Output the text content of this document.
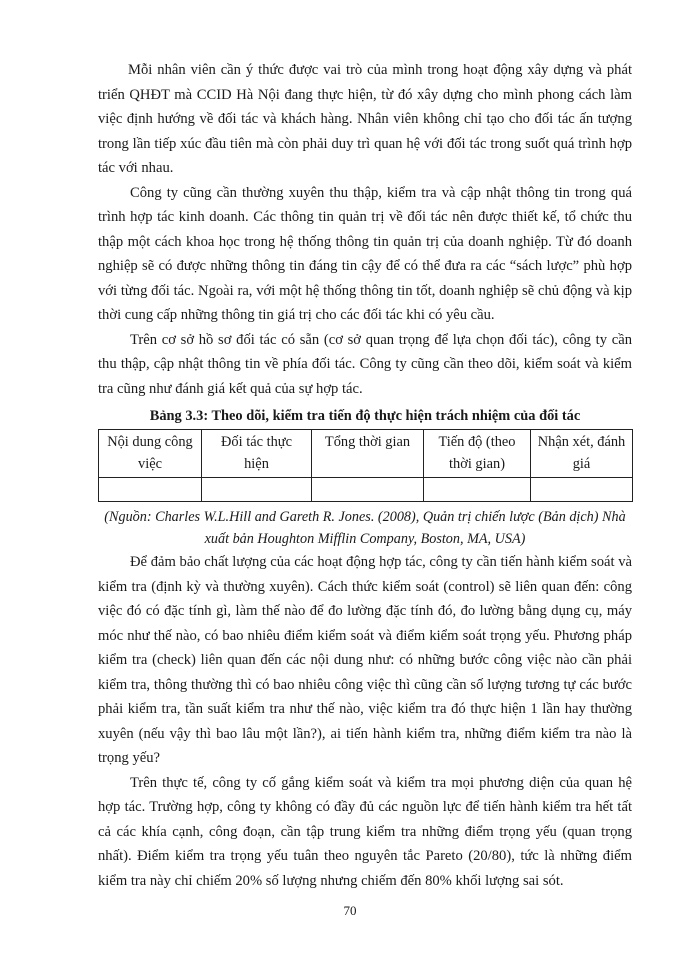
Mỗi nhân viên cần ý thức được vai trò của mình trong hoạt động xây dựng và phát triển QHĐT mà CCID Hà Nội đang thực hiện, từ đó xây dựng cho mình phong cách làm việc định hướng về đối tác và khách hàng. Nhân viên không chỉ tạo cho đối tác ấn tượng trong lần tiếp xúc đầu tiên mà còn phải duy trì quan hệ với đối tác trong suốt quá trình hợp tác với nhau.

Công ty cũng cần thường xuyên thu thập, kiểm tra và cập nhật thông tin trong quá trình hợp tác kinh doanh. Các thông tin quản trị về đối tác nên được thiết kế, tổ chức thu thập một cách khoa học trong hệ thống thông tin quản trị của doanh nghiệp. Từ đó doanh nghiệp sẽ có được những thông tin đáng tin cậy để có thể đưa ra các “sách lược” phù hợp với từng đối tác. Ngoài ra, với một hệ thống thông tin tốt, doanh nghiệp sẽ chủ động và kịp thời cung cấp những thông tin giá trị cho các đối tác khi có yêu cầu.

Trên cơ sở hồ sơ đối tác có sẵn (cơ sở quan trọng để lựa chọn đối tác), công ty cần thu thập, cập nhật thông tin về phía đối tác. Công ty cũng cần theo dõi, kiểm soát và kiểm tra cũng như đánh giá kết quả của sự hợp tác.

Bảng 3.3: Theo dõi, kiểm tra tiến độ thực hiện trách nhiệm của đối tác
Nội dung công việc	Đối tác thực hiện	Tổng thời gian	Tiến độ (theo thời gian)	Nhận xét, đánh giá

(Nguồn: Charles W.L.Hill and Gareth R. Jones. (2008), Quản trị chiến lược (Bản dịch) Nhà xuất bản Houghton Mifflin Company, Boston, MA, USA)

Để đảm bảo chất lượng của các hoạt động hợp tác, công ty cần tiến hành kiểm soát và kiểm tra (định kỳ và thường xuyên). Cách thức kiểm soát (control) sẽ liên quan đến: công việc đó có đặc tính gì, làm thế nào để đo lường đặc tính đó, đo lường bằng dụng cụ, máy móc như thế nào, có bao nhiêu điểm kiểm soát và điểm kiểm soát trọng yếu. Phương pháp kiểm tra (check) liên quan đến các nội dung như: có những bước công việc nào cần phải kiểm tra, thông thường thì có bao nhiêu công việc thì cũng cần số lượng tương tự các bước phải kiểm tra, tần suất kiểm tra như thế nào, việc kiểm tra đó thực hiện 1 lần hay thường xuyên (nếu vậy thì bao lâu một lần?), ai tiến hành kiểm tra, những điểm kiểm tra nào là trọng yếu?

Trên thực tế, công ty cố gắng kiểm soát và kiểm tra mọi phương diện của quan hệ hợp tác. Trường hợp, công ty không có đầy đủ các nguồn lực để tiến hành kiểm tra hết tất cả các khía cạnh, công đoạn, cần tập trung kiểm tra những điểm trọng yếu (quan trọng nhất). Điểm kiểm tra trọng yếu tuân theo nguyên tắc Pareto (20/80), tức là những điểm kiểm tra này chỉ chiếm 20% số lượng nhưng chiếm đến 80% khối lượng sai sót.

70
